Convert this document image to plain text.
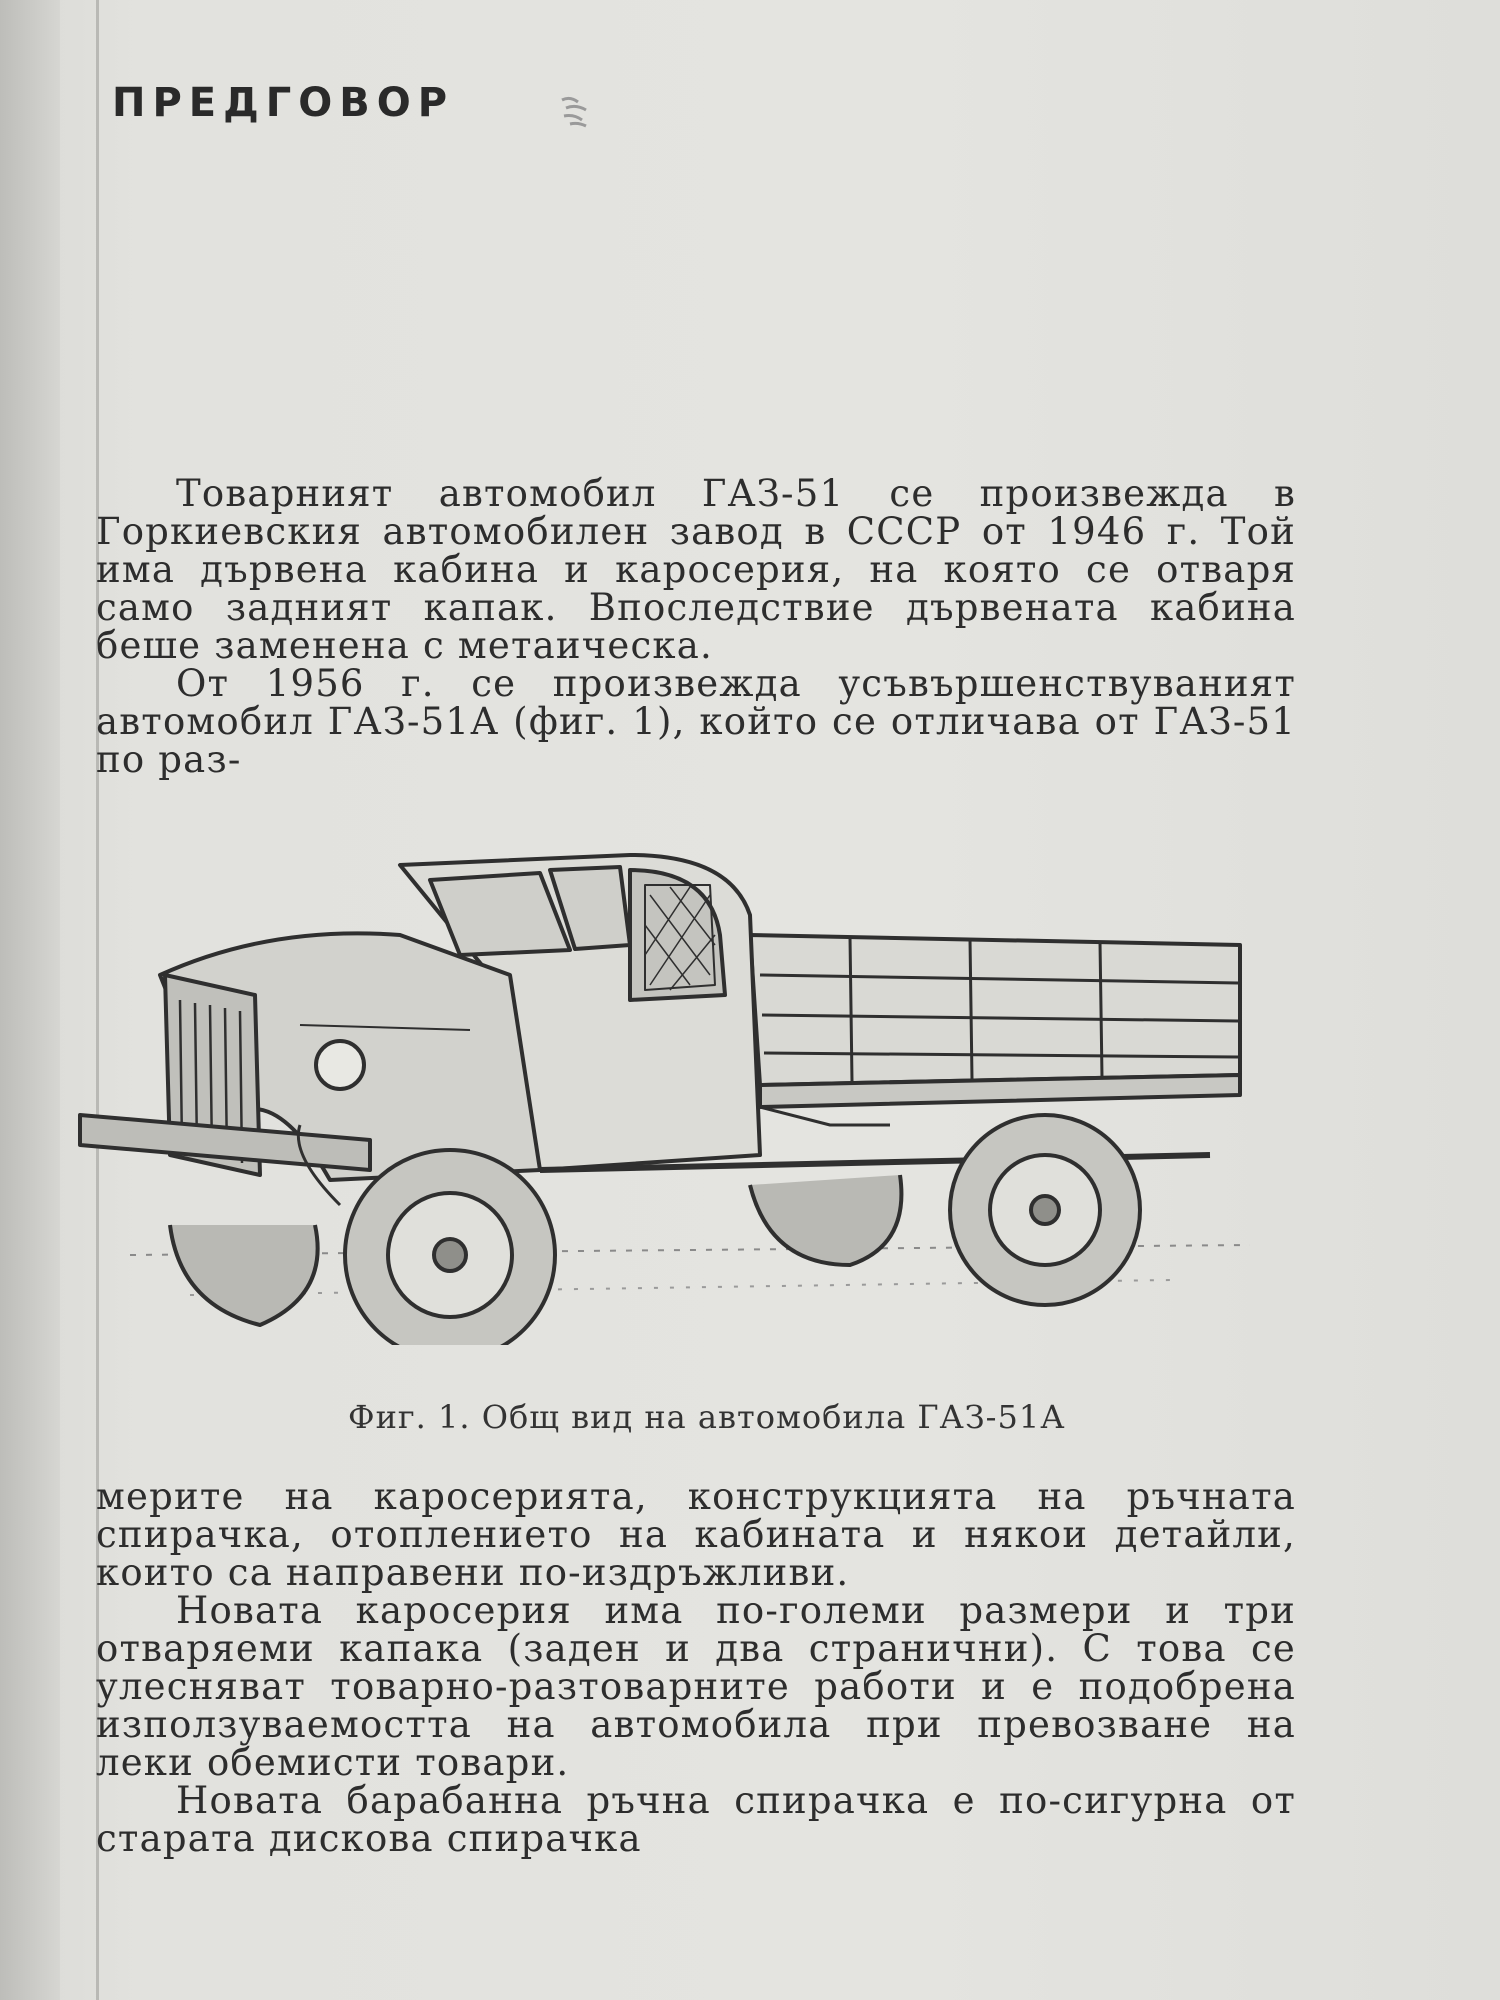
ПРЕДГОВОР

Товарният автомобил ГАЗ-51 се произвежда в Горкиевския автомобилен завод в СССР от 1946 г. Той има дървена кабина и каросерия, на която се отваря само задният капак. Впоследствие дървената кабина беше заменена с метаическа.

От 1956 г. се произвежда усъвършенствуваният автомобил ГАЗ-51А (фиг. 1), който се отличава от ГАЗ-51 по раз-

Фиг. 1. Общ вид на автомобила ГАЗ-51А

мерите на каросерията, конструкцията на ръчната спирачка, отоплението на кабината и някои детайли, които са направени по-издръжливи.

Новата каросерия има по-големи размери и три отваряеми капака (заден и два странични). С това се улесняват товарно-разтоварните работи и е подобрена използуваемостта на автомобила при превозване на леки обемисти товари.

Новата барабанна ръчна спирачка е по-сигурна от старата дискова спирачка
